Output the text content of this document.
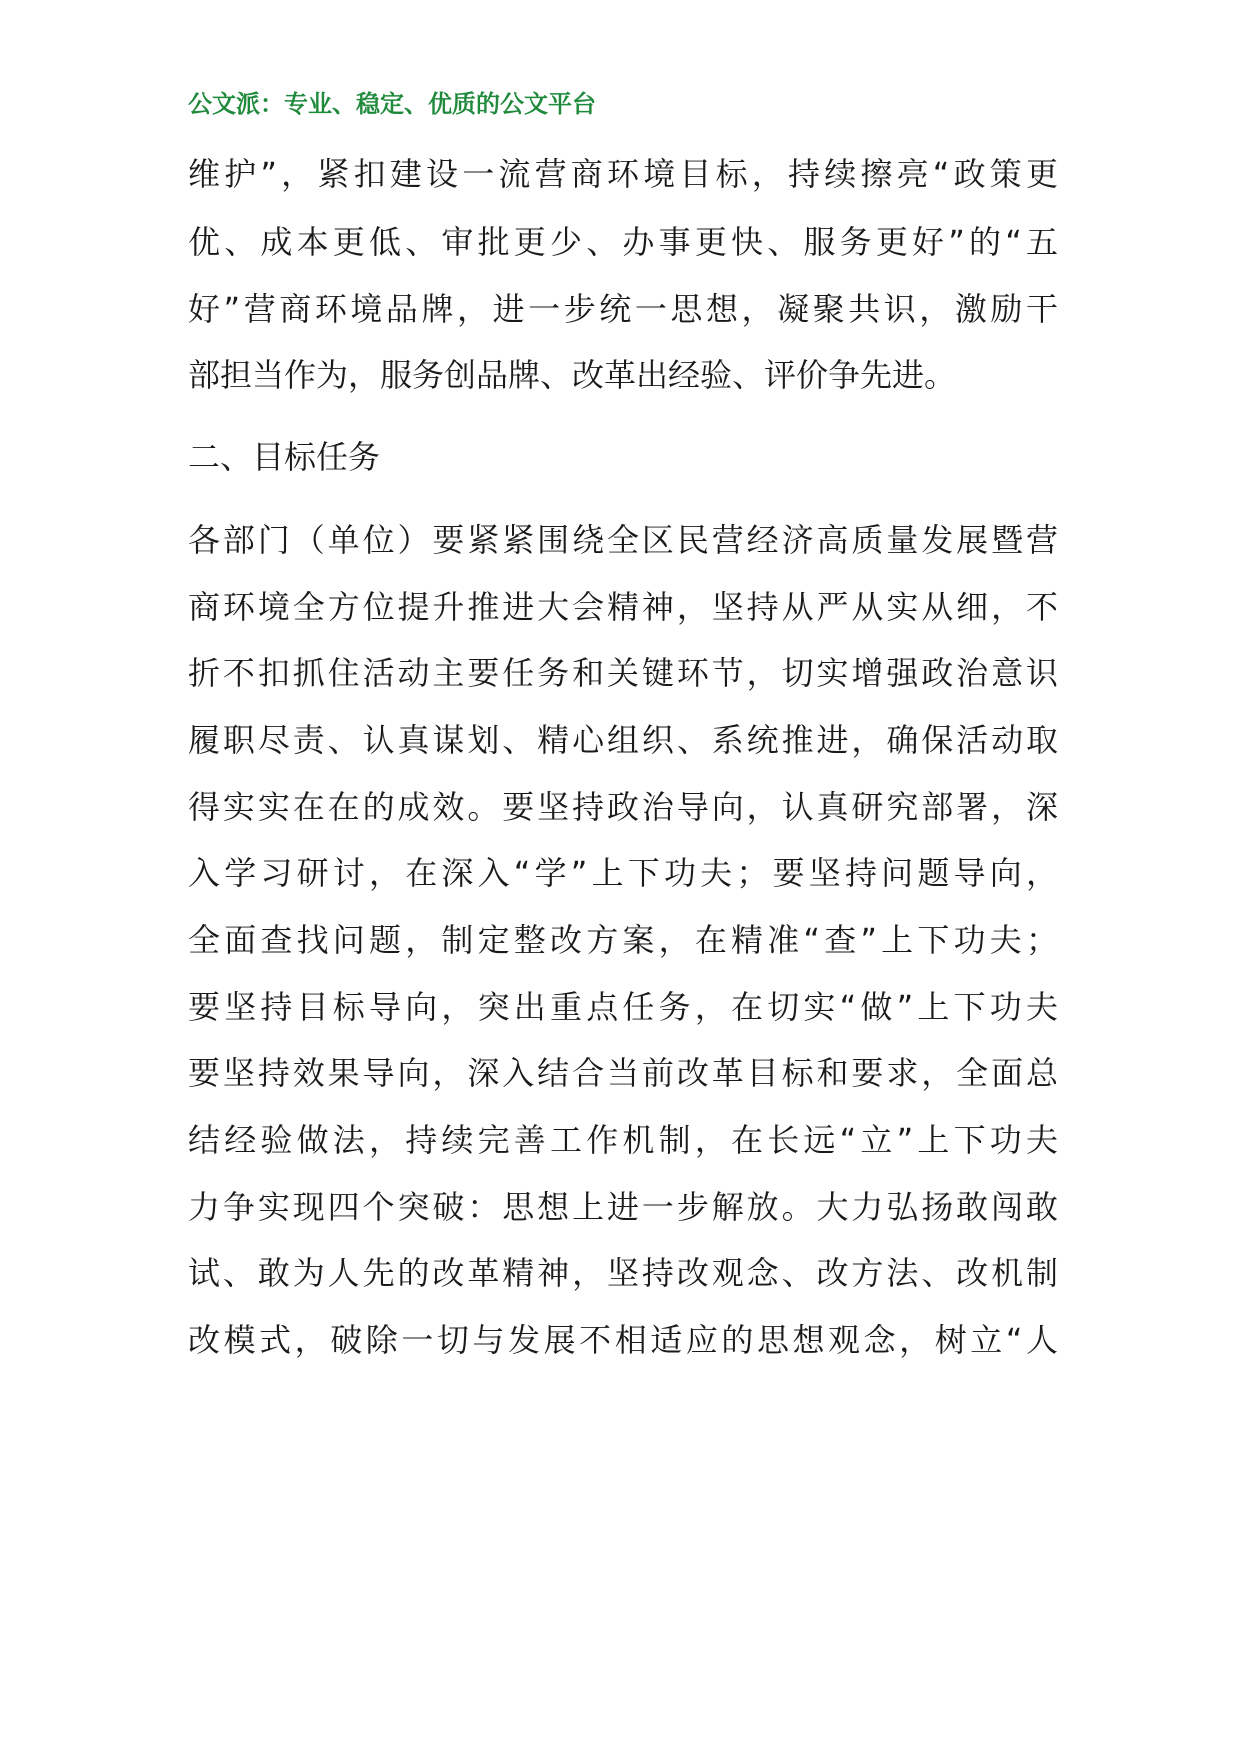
公文派：专业、稳定、优质的公文平台
维护”，紧扣建设一流营商环境目标，持续擦亮“政策更
优、成本更低、审批更少、办事更快、服务更好”的“五
好”营商环境品牌，进一步统一思想，凝聚共识，激励干
部担当作为，服务创品牌、改革出经验、评价争先进。
二、目标任务
各部门（单位）要紧紧围绕全区民营经济高质量发展暨营
商环境全方位提升推进大会精神，坚持从严从实从细，不
折不扣抓住活动主要任务和关键环节，切实增强政治意识
履职尽责、认真谋划、精心组织、系统推进，确保活动取
得实实在在的成效。要坚持政治导向，认真研究部署，深
入学习研讨，在深入“学”上下功夫；要坚持问题导向，
全面查找问题，制定整改方案，在精准“查”上下功夫；
要坚持目标导向，突出重点任务，在切实“做”上下功夫
要坚持效果导向，深入结合当前改革目标和要求，全面总
结经验做法，持续完善工作机制，在长远“立”上下功夫
力争实现四个突破：思想上进一步解放。大力弘扬敢闯敢
试、敢为人先的改革精神，坚持改观念、改方法、改机制
改模式，破除一切与发展不相适应的思想观念，树立“人
